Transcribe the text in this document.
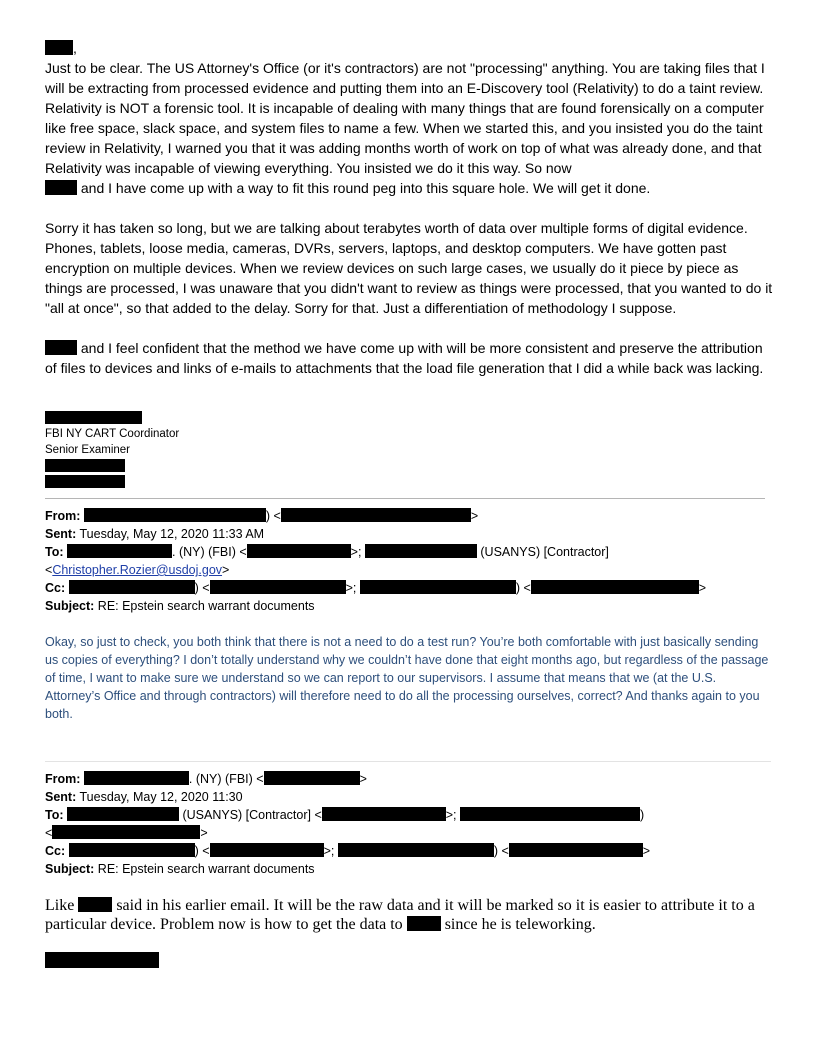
,

Just to be clear. The US Attorney's Office (or it's contractors) are not "processing" anything. You are taking files that I will be extracting from processed evidence and putting them into an E-Discovery tool (Relativity) to do a taint review.

Relativity is NOT a forensic tool. It is incapable of dealing with many things that are found forensically on a computer like free space, slack space, and system files to name a few. When we started this, and you insisted you do the taint review in Relativity, I warned you that it was adding months worth of work on top of what was already done, and that Relativity was incapable of viewing everything. You insisted we do it this way. So now
and I have come up with a way to fit this round peg into this square hole. We will get it done.

Sorry it has taken so long, but we are talking about terabytes worth of data over multiple forms of digital evidence. Phones, tablets, loose media, cameras, DVRs, servers, laptops, and desktop computers. We have gotten past encryption on multiple devices. When we review devices on such large cases, we usually do it piece by piece as things are processed, I was unaware that you didn't want to review as things were processed, that you wanted to do it "all at once", so that added to the delay. Sorry for that. Just a differentiation of methodology I suppose.

and I feel confident that the method we have come up with will be more consistent and preserve the attribution of files to devices and links of e-mails to attachments that the load file generation that I did a while back was lacking.

FBI NY CART Coordinator
Senior Examiner
From:	) <	>
Sent: Tuesday, May 12, 2020 11:33 AM
To:	. (NY) (FBI) <	>;	(USANYS) [Contractor]
<Christopher.Rozier@usdoj.gov>
Cc:	) <	>;	) <	>
Subject: RE: Epstein search warrant documents

Okay, so just to check, you both think that there is not a need to do a test run? You’re both comfortable with just basically sending us copies of everything? I don’t totally understand why we couldn’t have done that eight months ago, but regardless of the passage of time, I want to make sure we understand so we can report to our supervisors. I assume that means that we (at the U.S. Attorney’s Office and through contractors) will therefore need to do all the processing ourselves, correct? And thanks again to you both.

From:	. (NY) (FBI) <	>
Sent: Tuesday, May 12, 2020 11:30
To:	(USANYS) [Contractor] <	>;	)
<	>
Cc:	) <	>;	) <	>
Subject: RE: Epstein search warrant documents

Like  said in his earlier email. It will be the raw data and it will be marked so it is easier to attribute it to a particular device. Problem now is how to get the data to  since he is teleworking.
